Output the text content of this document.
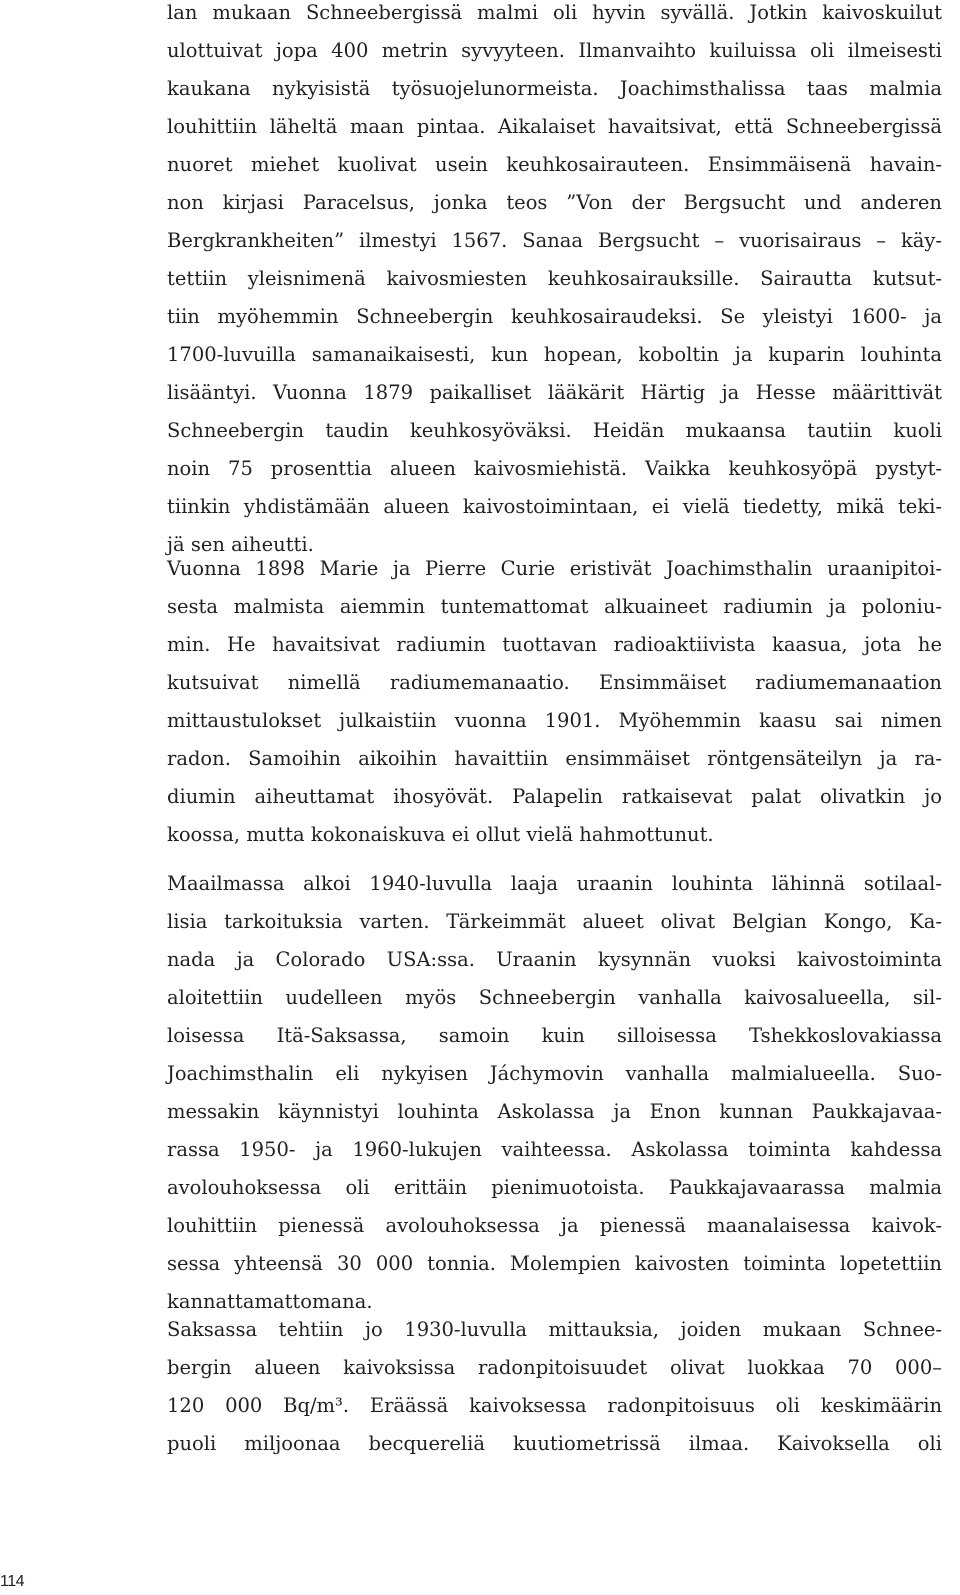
lan mukaan Schneebergissä malmi oli hyvin syvällä. Jotkin kaivoskuilut
ulottuivat jopa 400 metrin syvyyteen. Ilmanvaihto kuiluissa oli ilmeisesti
kaukana nykyisistä työsuojelunormeista. Joachimsthalissa taas malmia
louhittiin läheltä maan pintaa. Aikalaiset havaitsivat, että Schneebergissä
nuoret miehet kuolivat usein keuhkosairauteen. Ensimmäisenä havain-
non kirjasi Paracelsus, jonka teos ”Von der Bergsucht und anderen
Bergkrankheiten” ilmestyi 1567. Sanaa Bergsucht – vuorisairaus – käy-
tettiin yleisnimenä kaivosmiesten keuhkosairauksille. Sairautta kutsut-
tiin myöhemmin Schneebergin keuhkosairaudeksi. Se yleistyi 1600- ja
1700-luvuilla samanaikaisesti, kun hopean, koboltin ja kuparin louhinta
lisääntyi. Vuonna 1879 paikalliset lääkärit Härtig ja Hesse määrittivät
Schneebergin taudin keuhkosyöväksi. Heidän mukaansa tautiin kuoli
noin 75 prosenttia alueen kaivosmiehistä. Vaikka keuhkosyöpä pystyt-
tiinkin yhdistämään alueen kaivostoimintaan, ei vielä tiedetty, mikä teki-
jä sen aiheutti.
Vuonna 1898 Marie ja Pierre Curie eristivät Joachimsthalin uraanipitoi-
sesta malmista aiemmin tuntemattomat alkuaineet radiumin ja poloniu-
min. He havaitsivat radiumin tuottavan radioaktiivista kaasua, jota he
kutsuivat nimellä radiumemanaatio. Ensimmäiset radiumemanaation
mittaustulokset julkaistiin vuonna 1901. Myöhemmin kaasu sai nimen
radon. Samoihin aikoihin havaittiin ensimmäiset röntgensäteilyn ja ra-
diumin aiheuttamat ihosyövät. Palapelin ratkaisevat palat olivatkin jo
koossa, mutta kokonaiskuva ei ollut vielä hahmottunut.
Maailmassa alkoi 1940-luvulla laaja uraanin louhinta lähinnä sotilaal-
lisia tarkoituksia varten. Tärkeimmät alueet olivat Belgian Kongo, Ka-
nada ja Colorado USA:ssa. Uraanin kysynnän vuoksi kaivostoiminta
aloitettiin uudelleen myös Schneebergin vanhalla kaivosalueella, sil-
loisessa Itä-Saksassa, samoin kuin silloisessa Tshekkoslovakiassa
Joachimsthalin eli nykyisen Jáchymovin vanhalla malmialueella. Suo-
messakin käynnistyi louhinta Askolassa ja Enon kunnan Paukkajavaa-
rassa 1950- ja 1960-lukujen vaihteessa. Askolassa toiminta kahdessa
avolouhoksessa oli erittäin pienimuotoista. Paukkajavaarassa malmia
louhittiin pienessä avolouhoksessa ja pienessä maanalaisessa kaivok-
sessa yhteensä 30 000 tonnia. Molempien kaivosten toiminta lopetettiin
kannattamattomana.
Saksassa tehtiin jo 1930-luvulla mittauksia, joiden mukaan Schnee-
bergin alueen kaivoksissa radonpitoisuudet olivat luokkaa 70 000–
120 000 Bq/m³. Eräässä kaivoksessa radonpitoisuus oli keskimäärin
puoli miljoonaa becquereliä kuutiometrissä ilmaa. Kaivoksella oli
114
